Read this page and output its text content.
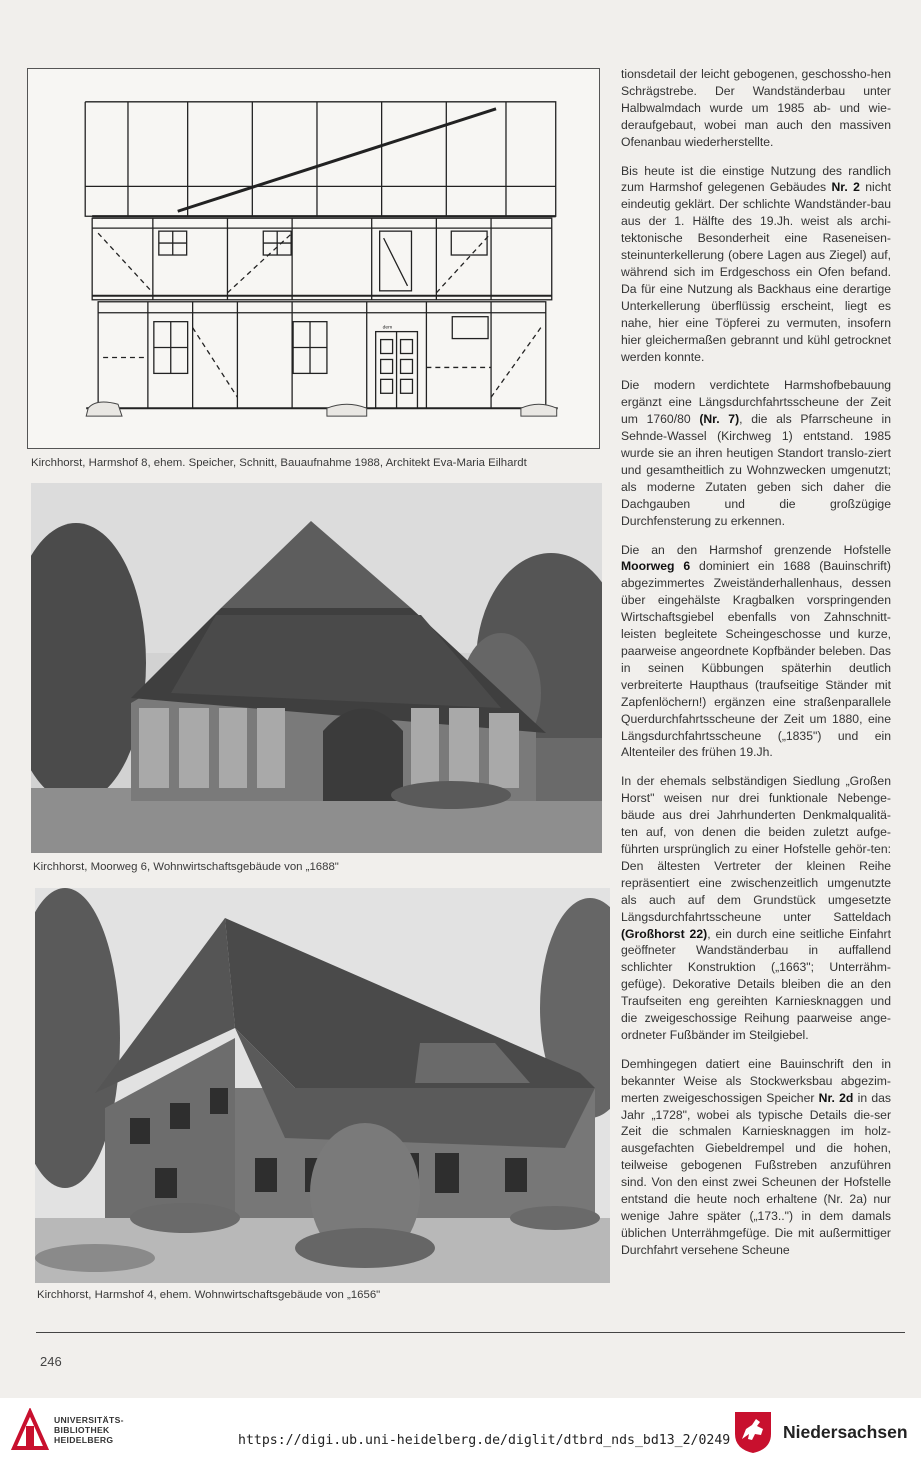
dem
Kirchhorst, Harmshof 8, ehem. Speicher, Schnitt, Bauaufnahme 1988, Architekt Eva-Maria Eilhardt
Kirchhorst, Moorweg 6, Wohnwirtschaftsgebäude von „1688"
Kirchhorst, Harmshof 4, ehem. Wohnwirtschaftsgebäude von „1656"

tionsdetail der leicht gebogenen, geschossho-hen Schrägstrebe. Der Wandständerbau unter Halbwalmdach wurde um 1985 ab- und wie-deraufgebaut, wobei man auch den massiven Ofenanbau wiederherstellte.

Bis heute ist die einstige Nutzung des randlich zum Harmshof gelegenen Gebäudes Nr. 2 nicht eindeutig geklärt. Der schlichte Wandständer-bau aus der 1. Hälfte des 19.Jh. weist als archi-tektonische Besonderheit eine Raseneisen-steinunterkellerung (obere Lagen aus Ziegel) auf, während sich im Erdgeschoss ein Ofen befand. Da für eine Nutzung als Backhaus eine derartige Unterkellerung überflüssig erscheint, liegt es nahe, hier eine Töpferei zu vermuten, insofern hier gleichermaßen gebrannt und kühl getrocknet werden konnte.

Die modern verdichtete Harmshofbebauung ergänzt eine Längsdurchfahrtsscheune der Zeit um 1760/80 (Nr. 7), die als Pfarrscheune in Sehnde-Wassel (Kirchweg 1) entstand. 1985 wurde sie an ihren heutigen Standort translo-ziert und gesamtheitlich zu Wohnzwecken umgenutzt; als moderne Zutaten geben sich daher die Dachgauben und die großzügige Durchfensterung zu erkennen.

Die an den Harmshof grenzende Hofstelle Moorweg 6 dominiert ein 1688 (Bauinschrift) abgezimmertes Zweiständerhallenhaus, dessen über eingehälste Kragbalken vorspringenden Wirtschaftsgiebel ebenfalls von Zahnschnitt-leisten begleitete Scheingeschosse und kurze, paarweise angeordnete Kopfbänder beleben. Das in seinen Kübbungen späterhin deutlich verbreiterte Haupthaus (traufseitige Ständer mit Zapfenlöchern!) ergänzen eine straßenparallele Querdurchfahrtsscheune der Zeit um 1880, eine Längsdurchfahrtsscheune („1835") und ein Altenteiler des frühen 19.Jh.

In der ehemals selbständigen Siedlung „Großen Horst" weisen nur drei funktionale Nebenge-bäude aus drei Jahrhunderten Denkmalqualitä-ten auf, von denen die beiden zuletzt aufge-führten ursprünglich zu einer Hofstelle gehör-ten: Den ältesten Vertreter der kleinen Reihe repräsentiert eine zwischenzeitlich umgenutzte als auch auf dem Grundstück umgesetzte Längsdurchfahrtsscheune unter Satteldach (Großhorst 22), ein durch eine seitliche Einfahrt geöffneter Wandständerbau in auffallend schlichter Konstruktion („1663"; Unterrähm-gefüge). Dekorative Details bleiben die an den Traufseiten eng gereihten Karniesknaggen und die zweigeschossige Reihung paarweise ange-ordneter Fußbänder im Steilgiebel.

Demhingegen datiert eine Bauinschrift den in bekannter Weise als Stockwerksbau abgezim-merten zweigeschossigen Speicher Nr. 2d in das Jahr „1728", wobei als typische Details die-ser Zeit die schmalen Karniesknaggen im holz-ausgefachten Giebeldrempel und die hohen, teilweise gebogenen Fußstreben anzuführen sind. Von den einst zwei Scheunen der Hofstelle entstand die heute noch erhaltene (Nr. 2a) nur wenige Jahre später („173..") in dem damals üblichen Unterrähmgefüge. Die mit außermittiger Durchfahrt versehene Scheune

246
UNIVERSITÄTS-
BIBLIOTHEK
HEIDELBERG	https://digi.ub.uni-heidelberg.de/diglit/dtbrd_nds_bd13_2/0249	Niedersachsen
